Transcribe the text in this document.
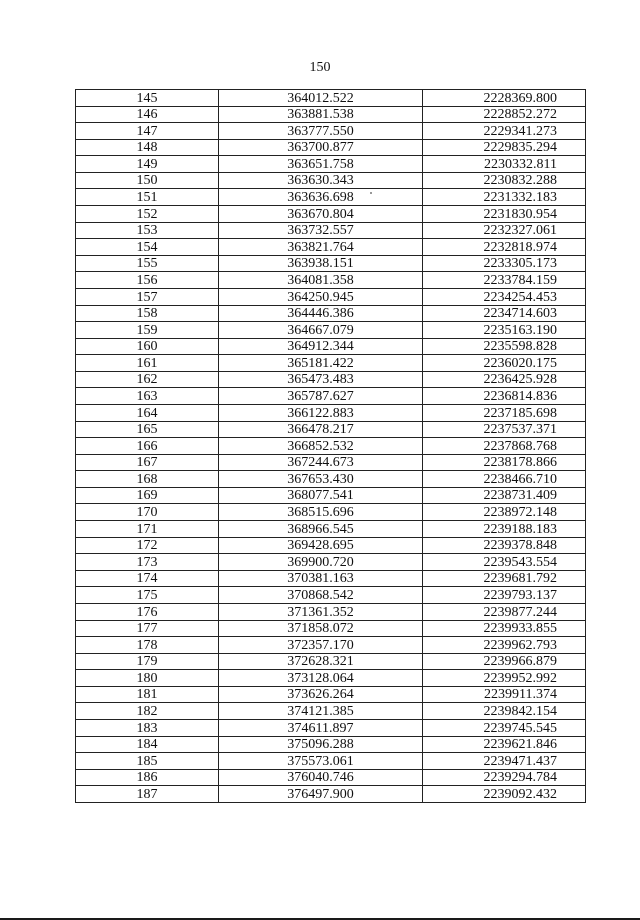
150
145	364012.522	2228369.800
146	363881.538	2228852.272
147	363777.550	2229341.273
148	363700.877	2229835.294
149	363651.758	2230332.811
150	363630.343	2230832.288
151	363636.698	2231332.183
152	363670.804	2231830.954
153	363732.557	2232327.061
154	363821.764	2232818.974
155	363938.151	2233305.173
156	364081.358	2233784.159
157	364250.945	2234254.453
158	364446.386	2234714.603
159	364667.079	2235163.190
160	364912.344	2235598.828
161	365181.422	2236020.175
162	365473.483	2236425.928
163	365787.627	2236814.836
164	366122.883	2237185.698
165	366478.217	2237537.371
166	366852.532	2237868.768
167	367244.673	2238178.866
168	367653.430	2238466.710
169	368077.541	2238731.409
170	368515.696	2238972.148
171	368966.545	2239188.183
172	369428.695	2239378.848
173	369900.720	2239543.554
174	370381.163	2239681.792
175	370868.542	2239793.137
176	371361.352	2239877.244
177	371858.072	2239933.855
178	372357.170	2239962.793
179	372628.321	2239966.879
180	373128.064	2239952.992
181	373626.264	2239911.374
182	374121.385	2239842.154
183	374611.897	2239745.545
184	375096.288	2239621.846
185	375573.061	2239471.437
186	376040.746	2239294.784
187	376497.900	2239092.432
